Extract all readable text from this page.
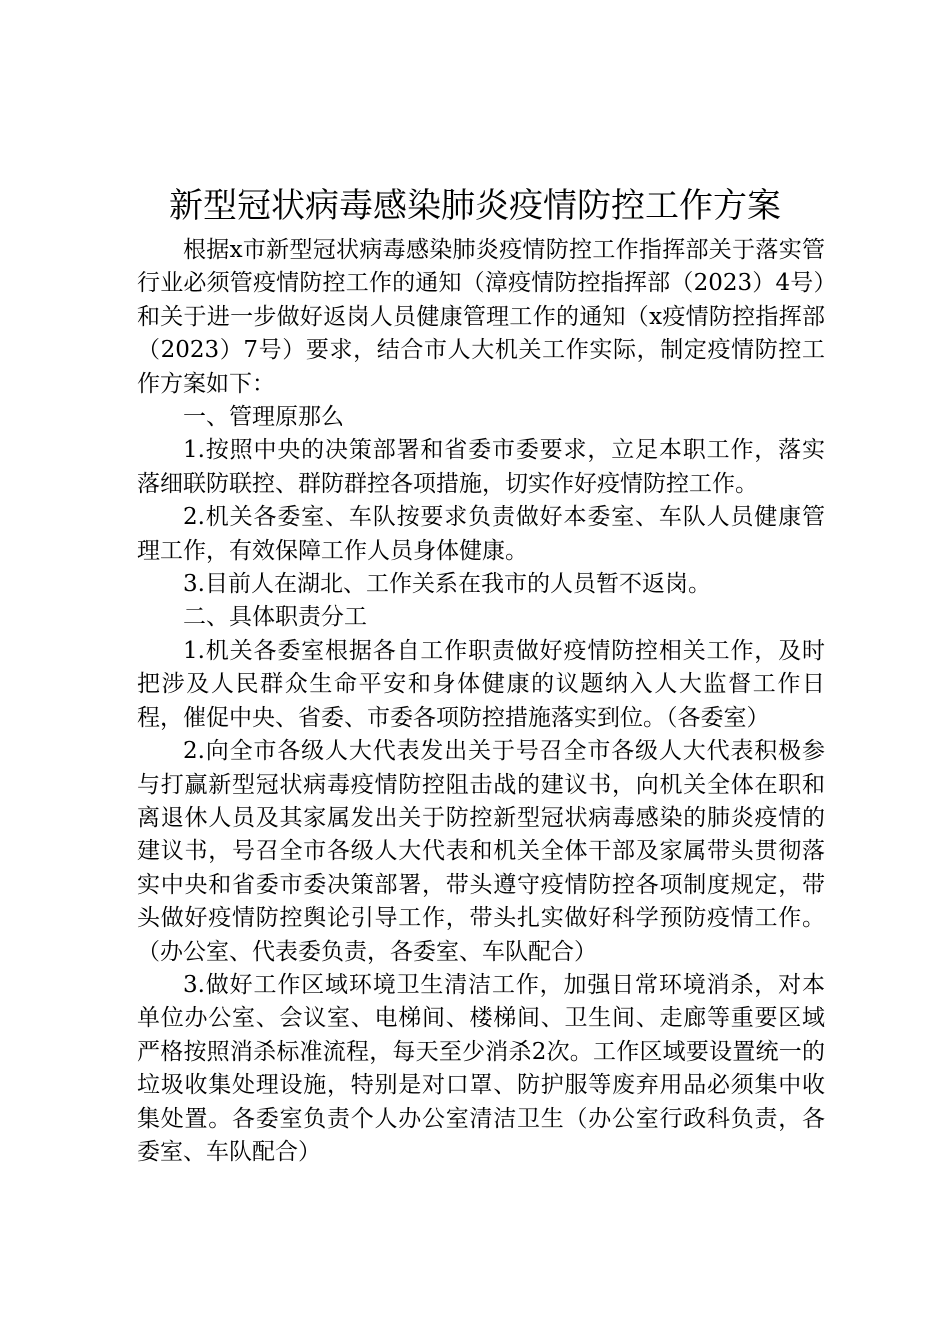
新型冠状病毒感染肺炎疫情防控工作方案

根据x市新型冠状病毒感染肺炎疫情防控工作指挥部关于落实管行业必须管疫情防控工作的通知（漳疫情防控指挥部（2023）4号）和关于进一步做好返岗人员健康管理工作的通知（x疫情防控指挥部（2023）7号）要求，结合市人大机关工作实际，制定疫情防控工作方案如下：

一、管理原那么

1.按照中央的决策部署和省委市委要求，立足本职工作，落实落细联防联控、群防群控各项措施，切实作好疫情防控工作。

2.机关各委室、车队按要求负责做好本委室、车队人员健康管理工作，有效保障工作人员身体健康。

3.目前人在湖北、工作关系在我市的人员暂不返岗。

二、具体职责分工

1.机关各委室根据各自工作职责做好疫情防控相关工作，及时把涉及人民群众生命平安和身体健康的议题纳入人大监督工作日程，催促中央、省委、市委各项防控措施落实到位。（各委室）

2.向全市各级人大代表发出关于号召全市各级人大代表积极参与打赢新型冠状病毒疫情防控阻击战的建议书，向机关全体在职和离退休人员及其家属发出关于防控新型冠状病毒感染的肺炎疫情的建议书，号召全市各级人大代表和机关全体干部及家属带头贯彻落实中央和省委市委决策部署，带头遵守疫情防控各项制度规定，带头做好疫情防控舆论引导工作，带头扎实做好科学预防疫情工作。（办公室、代表委负责，各委室、车队配合）

3.做好工作区域环境卫生清洁工作，加强日常环境消杀，对本单位办公室、会议室、电梯间、楼梯间、卫生间、走廊等重要区域严格按照消杀标准流程，每天至少消杀2次。工作区域要设置统一的垃圾收集处理设施，特别是对口罩、防护服等废弃用品必须集中收集处置。各委室负责个人办公室清洁卫生（办公室行政科负责，各委室、车队配合）
